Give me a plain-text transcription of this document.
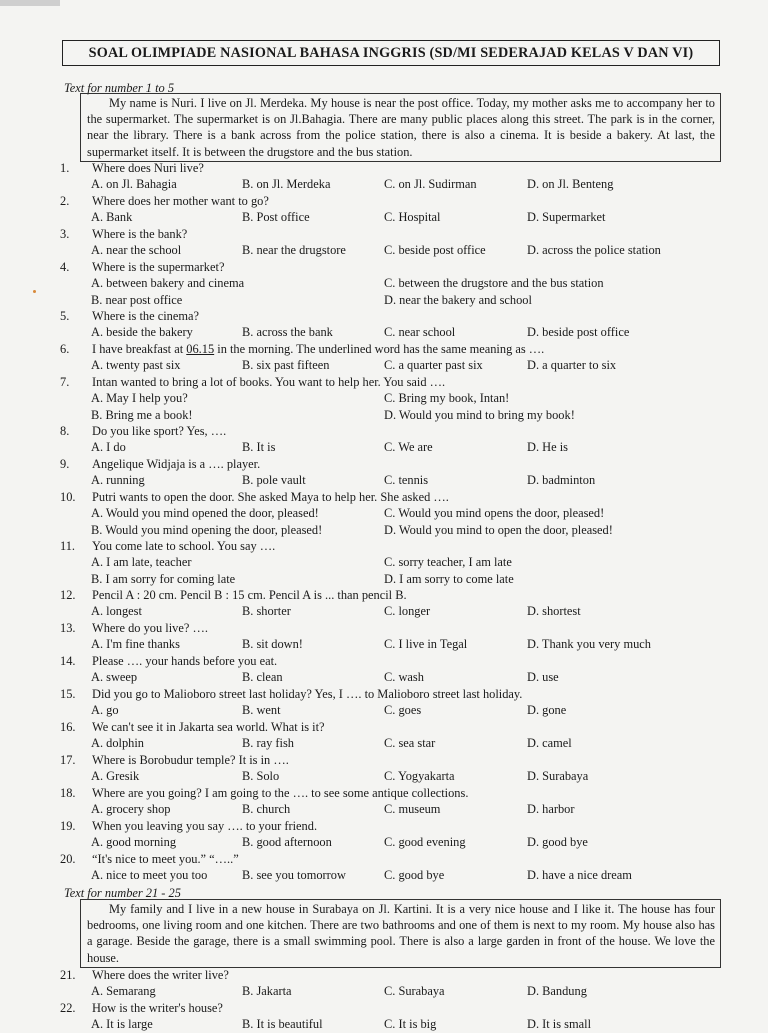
SOAL OLIMPIADE NASIONAL BAHASA INGGRIS (SD/MI SEDERAJAD KELAS V DAN VI)
Text for number 1 to 5

My name is Nuri. I live on Jl. Merdeka. My house is near the post office. Today, my mother asks me to accompany her to the supermarket. The supermarket is on Jl.Bahagia. There are many public places along this street. The park is in the corner, near the library. There is a bank across from the police station, there is also a cinema. It is beside a bakery. At last, the supermarket itself. It is between the drugstore and the bus station.

1.	Where does Nuri live?
A. on Jl. Bahagia	B. on Jl. Merdeka	C. on Jl. Sudirman	D. on Jl. Benteng
2.	Where does her mother want to go?
A. Bank	B. Post office	C. Hospital	D. Supermarket
3.	Where is the bank?
A. near the school	B. near the drugstore	C. beside post office	D. across the police station
4.	Where is the supermarket?
A. between bakery and cinema	C. between the drugstore and the bus station
B. near post office	D. near the bakery and school
5.	Where is the cinema?
A. beside the bakery	B. across the bank	C. near school	D. beside post office
6.	I have breakfast at 06.15 in the morning. The underlined word has the same meaning as ….
A. twenty past six	B. six past fifteen	C. a quarter past six	D. a quarter to six
7.	Intan wanted to bring a lot of books. You want to help her. You said ….
A. May I help you?	C. Bring my book, Intan!
B. Bring me a book!	D. Would you mind to bring my book!
8.	Do you like sport? Yes, ….
A. I do	B. It is	C. We are	D. He is
9.	Angelique Widjaja is a …. player.
A. running	B. pole vault	C. tennis	D. badminton
10.	Putri wants to open the door. She asked Maya to help her. She asked ….
A. Would you mind opened the door, pleased!	C. Would you mind opens the door, pleased!
B. Would you mind opening the door, pleased!	D. Would you mind to open the door, pleased!
11.	You come late to school. You say ….
A. I am late, teacher	C. sorry teacher, I am late
B. I am sorry for coming late	D. I am sorry to come late
12.	Pencil A : 20 cm. Pencil B : 15 cm. Pencil A is ... than pencil B.
A. longest	B. shorter	C. longer	D. shortest
13.	Where do you live? ….
A. I'm fine thanks	B. sit down!	C. I live in Tegal	D. Thank you very much
14.	Please …. your hands before you eat.
A. sweep	B. clean	C. wash	D. use
15.	Did you go to Malioboro street last holiday? Yes, I …. to Malioboro street last holiday.
A. go	B. went	C. goes	D. gone
16.	We can't see it in Jakarta sea world. What is it?
A. dolphin	B. ray fish	C. sea star	D. camel
17.	Where is Borobudur temple? It is in ….
A. Gresik	B. Solo	C. Yogyakarta	D. Surabaya
18.	Where are you going? I am going to the …. to see some antique collections.
A. grocery shop	B. church	C. museum	D. harbor
19.	When you leaving you say …. to your friend.
A. good morning	B. good afternoon	C. good evening	D. good bye
20.	“It's nice to meet you.” “…..”
A. nice to meet you too	B. see you tomorrow	C. good bye	D. have a nice dream
21.	Where does the writer live?
A. Semarang	B. Jakarta	C. Surabaya	D. Bandung
22.	How is the writer's house?
A. It is large	B. It is beautiful	C. It is big	D. It is small
Text for number 21 - 25

My family and I live in a new house in Surabaya on Jl. Kartini. It is a very nice house and I like it. The house has four bedrooms, one living room and one kitchen. There are two bathrooms and one of them is next to my room. My house also has a garage. Beside the garage, there is a small swimming pool. There is also a large garden in front of the house. We love the house.
